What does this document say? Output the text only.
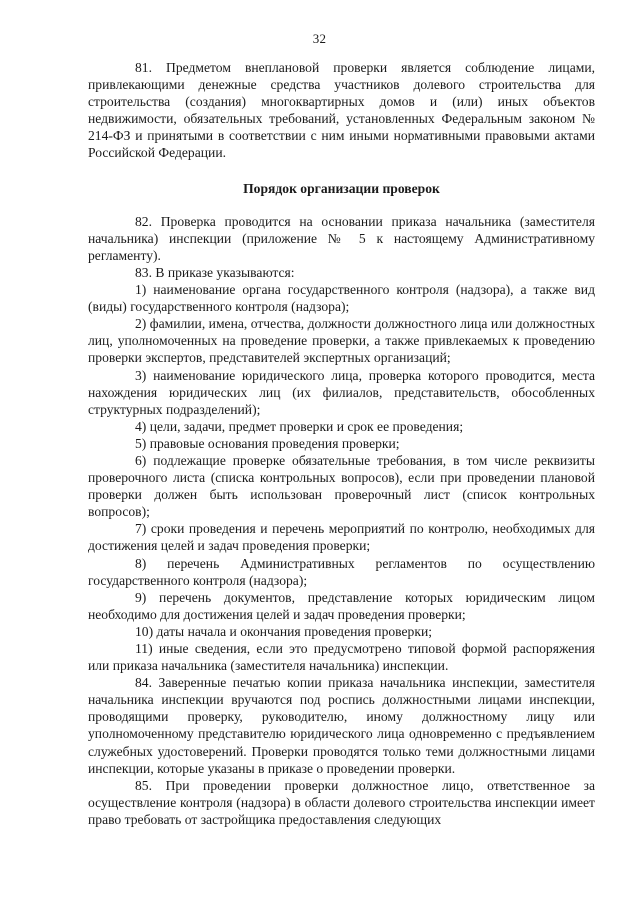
32

81. Предметом внеплановой проверки является соблюдение лицами, привлекающими денежные средства участников долевого строительства для строительства (создания) многоквартирных домов и (или) иных объектов недвижимости, обязательных требований, установленных Федеральным законом № 214-ФЗ и принятыми в соответствии с ним иными нормативными правовыми актами Российской Федерации.

Порядок организации проверок

82. Проверка проводится на основании приказа начальника (заместителя начальника) инспекции (приложение № 5 к настоящему Административному регламенту).

83. В приказе указываются:

1) наименование органа государственного контроля (надзора), а также вид (виды) государственного контроля (надзора);

2) фамилии, имена, отчества, должности должностного лица или должностных лиц, уполномоченных на проведение проверки, а также привлекаемых к проведению проверки экспертов, представителей экспертных организаций;

3) наименование юридического лица, проверка которого проводится, места нахождения юридических лиц (их филиалов, представительств, обособленных структурных подразделений);

4) цели, задачи, предмет проверки и срок ее проведения;

5) правовые основания проведения проверки;

6) подлежащие проверке обязательные требования, в том числе реквизиты проверочного листа (списка контрольных вопросов), если при проведении плановой проверки должен быть использован проверочный лист (список контрольных вопросов);

7) сроки проведения и перечень мероприятий по контролю, необходимых для достижения целей и задач проведения проверки;

8) перечень Административных регламентов по осуществлению государственного контроля (надзора);

9) перечень документов, представление которых юридическим лицом необходимо для достижения целей и задач проведения проверки;

10) даты начала и окончания проведения проверки;

11) иные сведения, если это предусмотрено типовой формой распоряжения или приказа начальника (заместителя начальника) инспекции.

84. Заверенные печатью копии приказа начальника инспекции, заместителя начальника инспекции вручаются под роспись должностными лицами инспекции, проводящими проверку, руководителю, иному должностному лицу или уполномоченному представителю юридического лица одновременно с предъявлением служебных удостоверений. Проверки проводятся только теми должностными лицами инспекции, которые указаны в приказе о проведении проверки.

85. При проведении проверки должностное лицо, ответственное за осуществление контроля (надзора) в области долевого строительства инспекции имеет право требовать от застройщика предоставления следующих
